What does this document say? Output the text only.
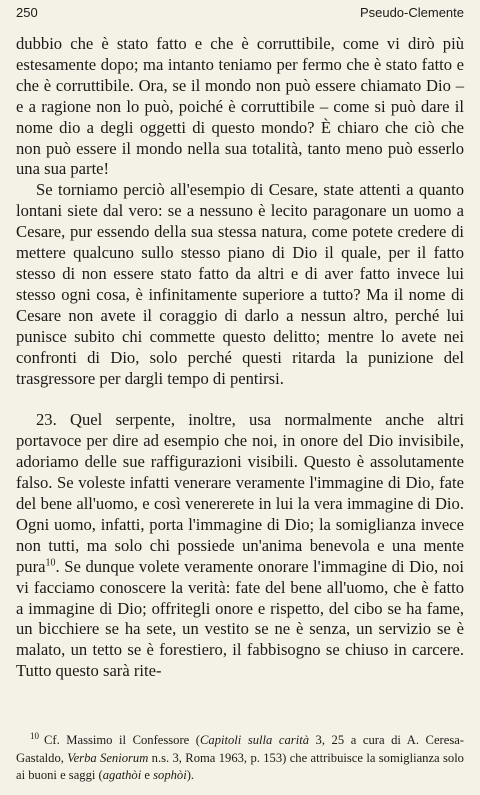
250	Pseudo-Clemente

dubbio che è stato fatto e che è corruttibile, come vi dirò più estesamente dopo; ma intanto teniamo per fermo che è stato fatto e che è corruttibile. Ora, se il mondo non può essere chiamato Dio – e a ragione non lo può, poiché è corruttibile – come si può dare il nome dio a degli oggetti di questo mondo? È chiaro che ciò che non può essere il mondo nella sua totalità, tanto meno può esserlo una sua parte!

Se torniamo perciò all'esempio di Cesare, state attenti a quanto lontani siete dal vero: se a nessuno è lecito paragonare un uomo a Cesare, pur essendo della sua stessa natura, come potete credere di mettere qualcuno sullo stesso piano di Dio il quale, per il fatto stesso di non essere stato fatto da altri e di aver fatto invece lui stesso ogni cosa, è infinitamente superiore a tutto? Ma il nome di Cesare non avete il coraggio di darlo a nessun altro, perché lui punisce subito chi commette questo delitto; mentre lo avete nei confronti di Dio, solo perché questi ritarda la punizione del trasgressore per dargli tempo di pentirsi.

23. Quel serpente, inoltre, usa normalmente anche altri portavoce per dire ad esempio che noi, in onore del Dio invisibile, adoriamo delle sue raffigurazioni visibili. Questo è assolutamente falso. Se voleste infatti venerare veramente l'immagine di Dio, fate del bene all'uomo, e così venererete in lui la vera immagine di Dio. Ogni uomo, infatti, porta l'immagine di Dio; la somiglianza invece non tutti, ma solo chi possiede un'anima benevola e una mente pura$^{10}$. Se dunque volete veramente onorare l'immagine di Dio, noi vi facciamo conoscere la verità: fate del bene all'uomo, che è fatto a immagine di Dio; offritegli onore e rispetto, del cibo se ha fame, un bicchiere se ha sete, un vestito se ne è senza, un servizio se è malato, un tetto se è forestiero, il fabbisogno se chiuso in carcere. Tutto questo sarà rite-

$^{10}$ Cf. Massimo il Confessore (Capitoli sulla carità 3, 25 a cura di A. Ceresa-Gastaldo, Verba Seniorum n.s. 3, Roma 1963, p. 153) che attribuisce la somiglianza solo ai buoni e saggi (agathòi e sophòi).
